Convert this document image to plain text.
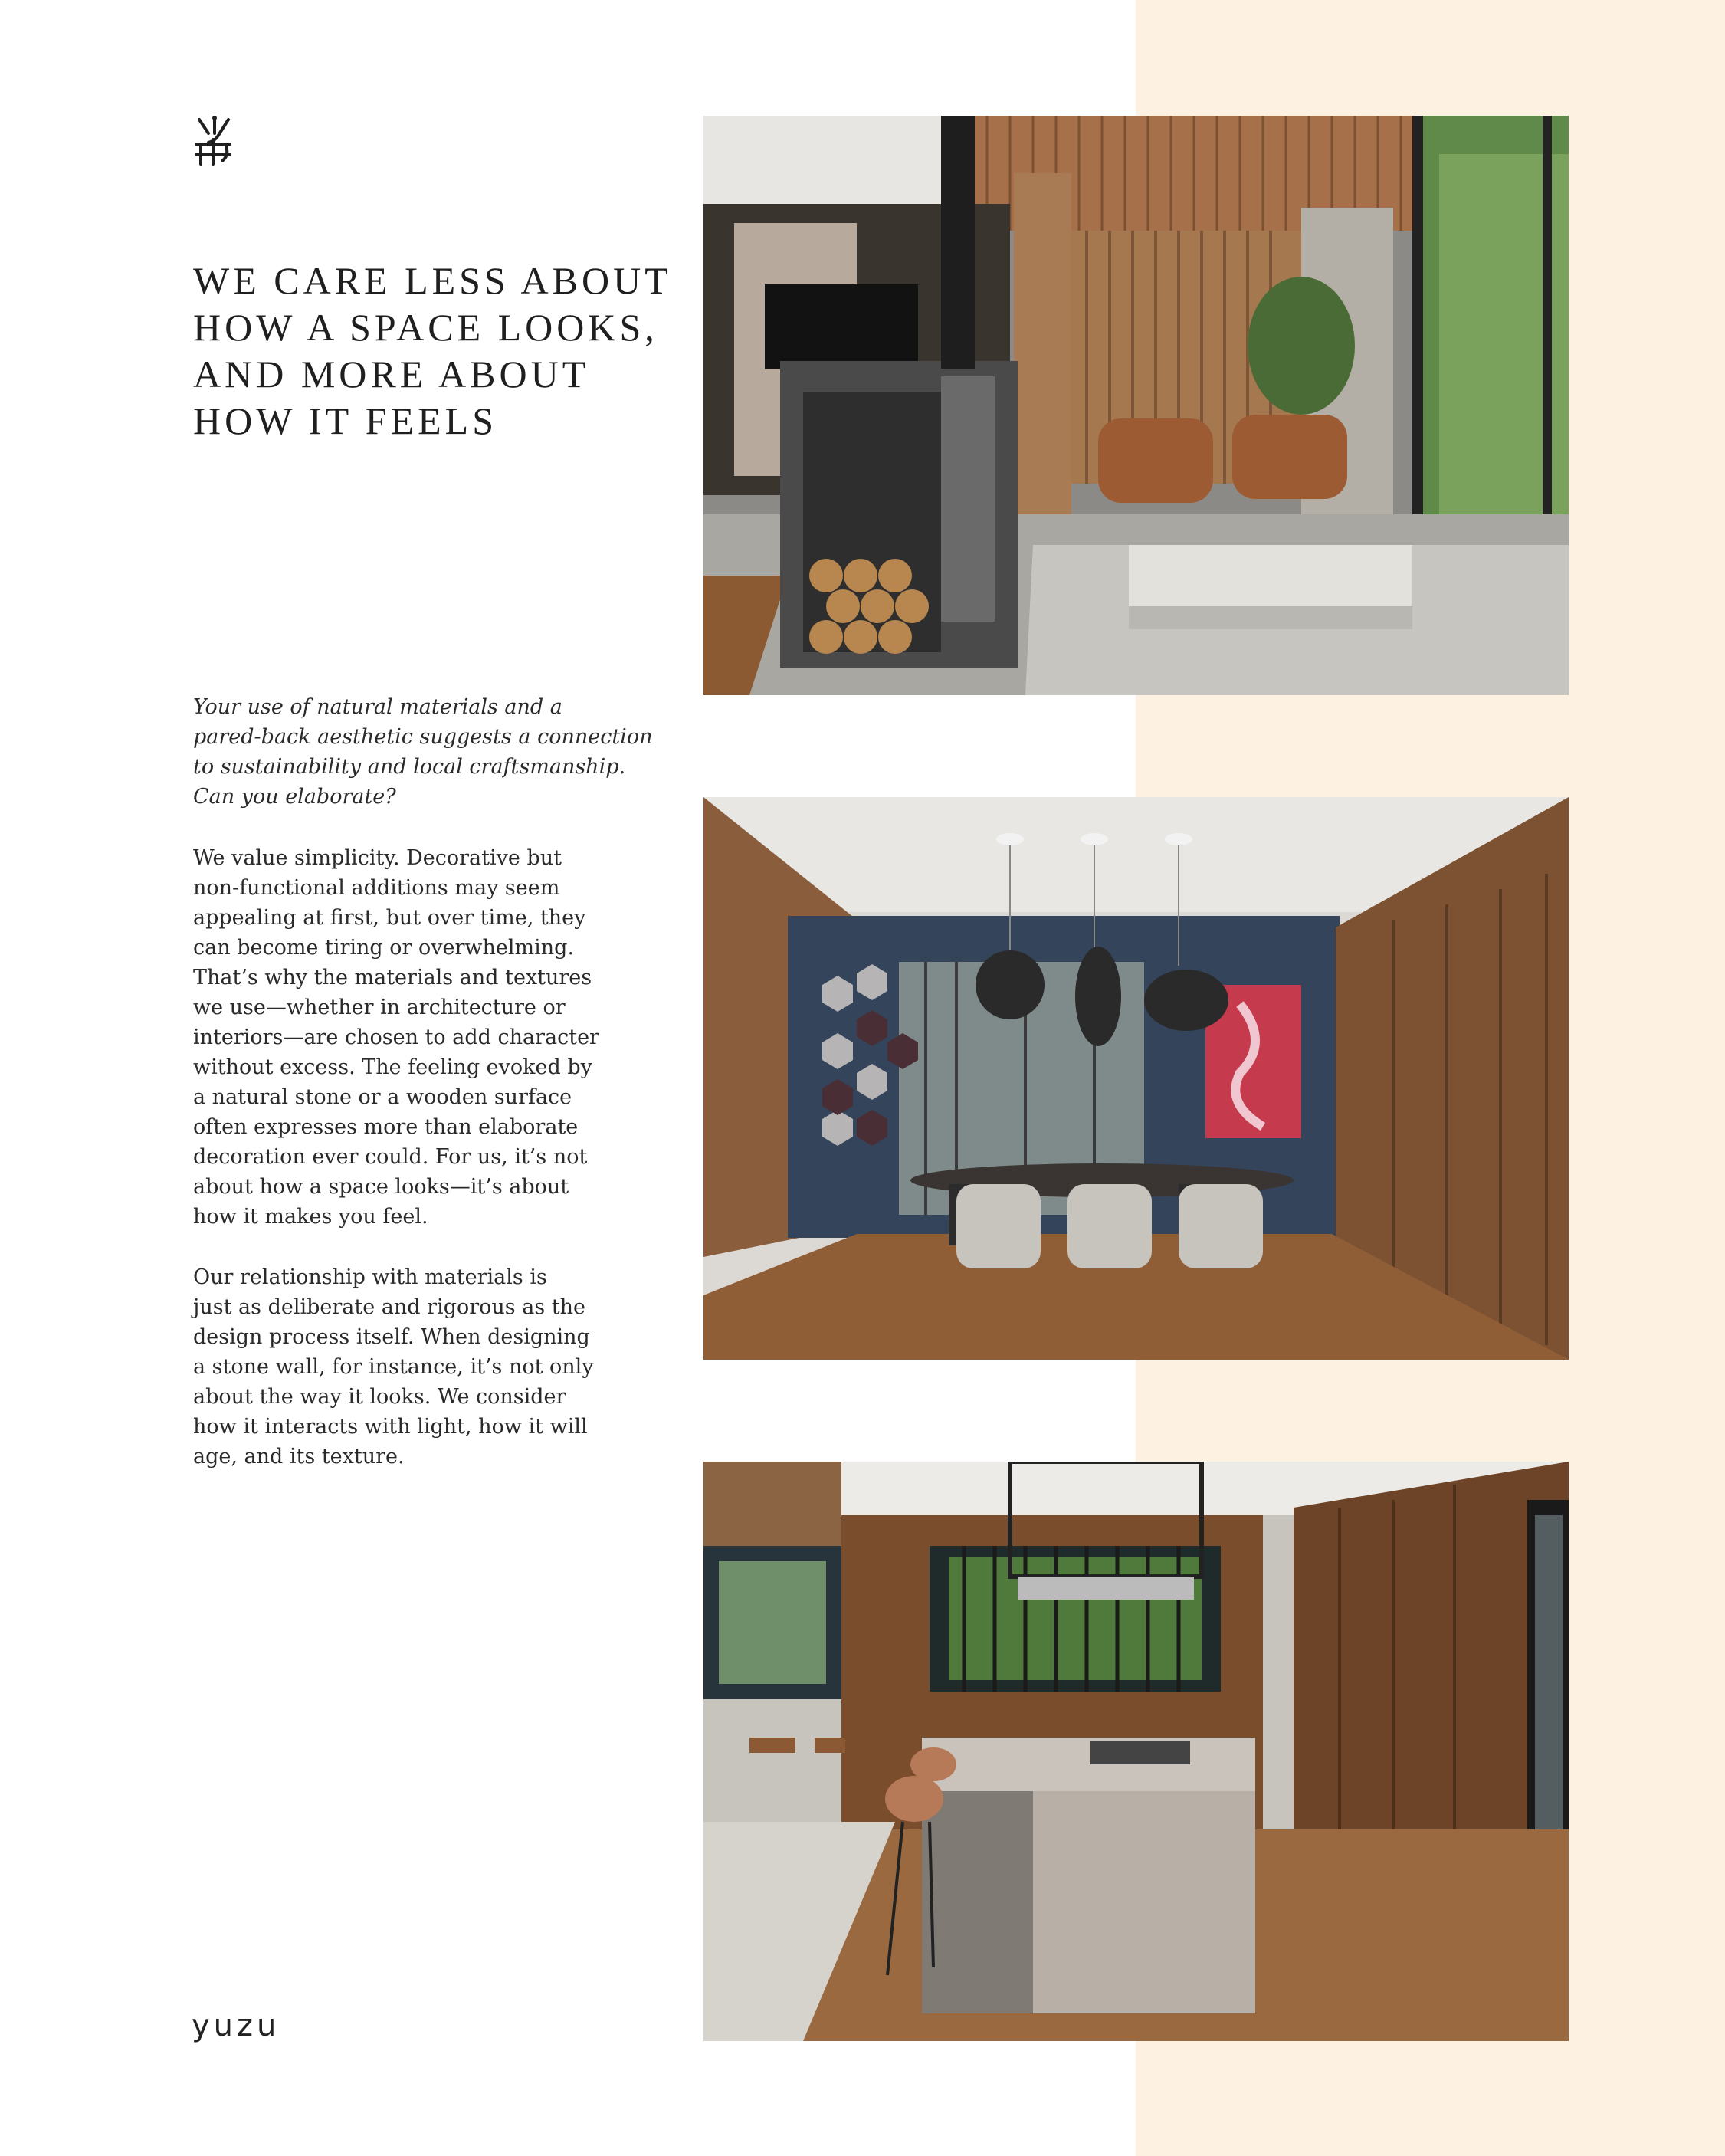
WE CARE LESS ABOUT
HOW A SPACE LOOKS,
AND MORE ABOUT
HOW IT FEELS

Your use of natural materials and a
pared-back aesthetic suggests a connection
to sustainability and local craftsmanship.
Can you elaborate?

We value simplicity. Decorative but
non-functional additions may seem
appealing at first, but over time, they
can become tiring or overwhelming.
That’s why the materials and textures
we use—whether in architecture or
interiors—are chosen to add character
without excess. The feeling evoked by
a natural stone or a wooden surface
often expresses more than elaborate
decoration ever could. For us, it’s not
about how a space looks—it’s about
how it makes you feel.

Our relationship with materials is
just as deliberate and rigorous as the
design process itself. When designing
a stone wall, for instance, it’s not only
about the way it looks. We consider
how it interacts with light, how it will
age, and its texture.

yuzu
